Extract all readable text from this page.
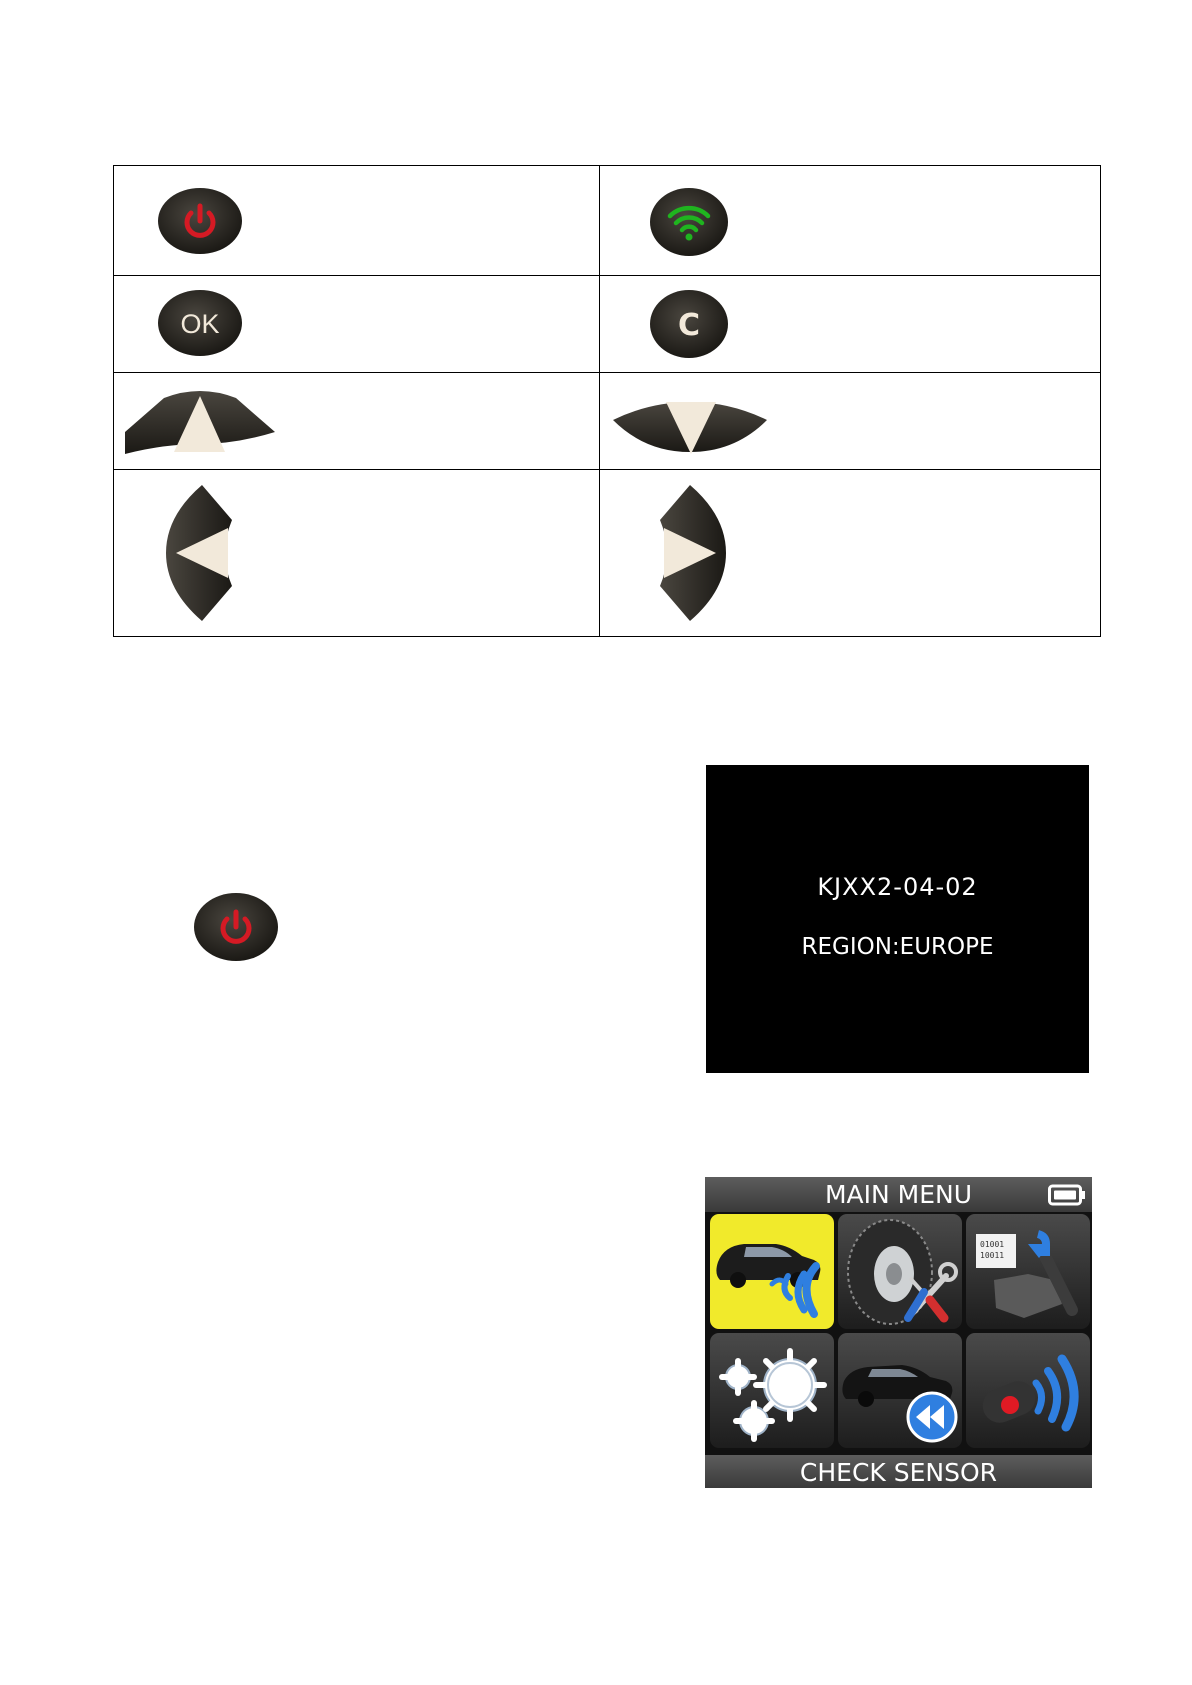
OK	C

KJXX2-04-02
REGION:EUROPE
MAIN MENU
01001
10011
CHECK SENSOR
